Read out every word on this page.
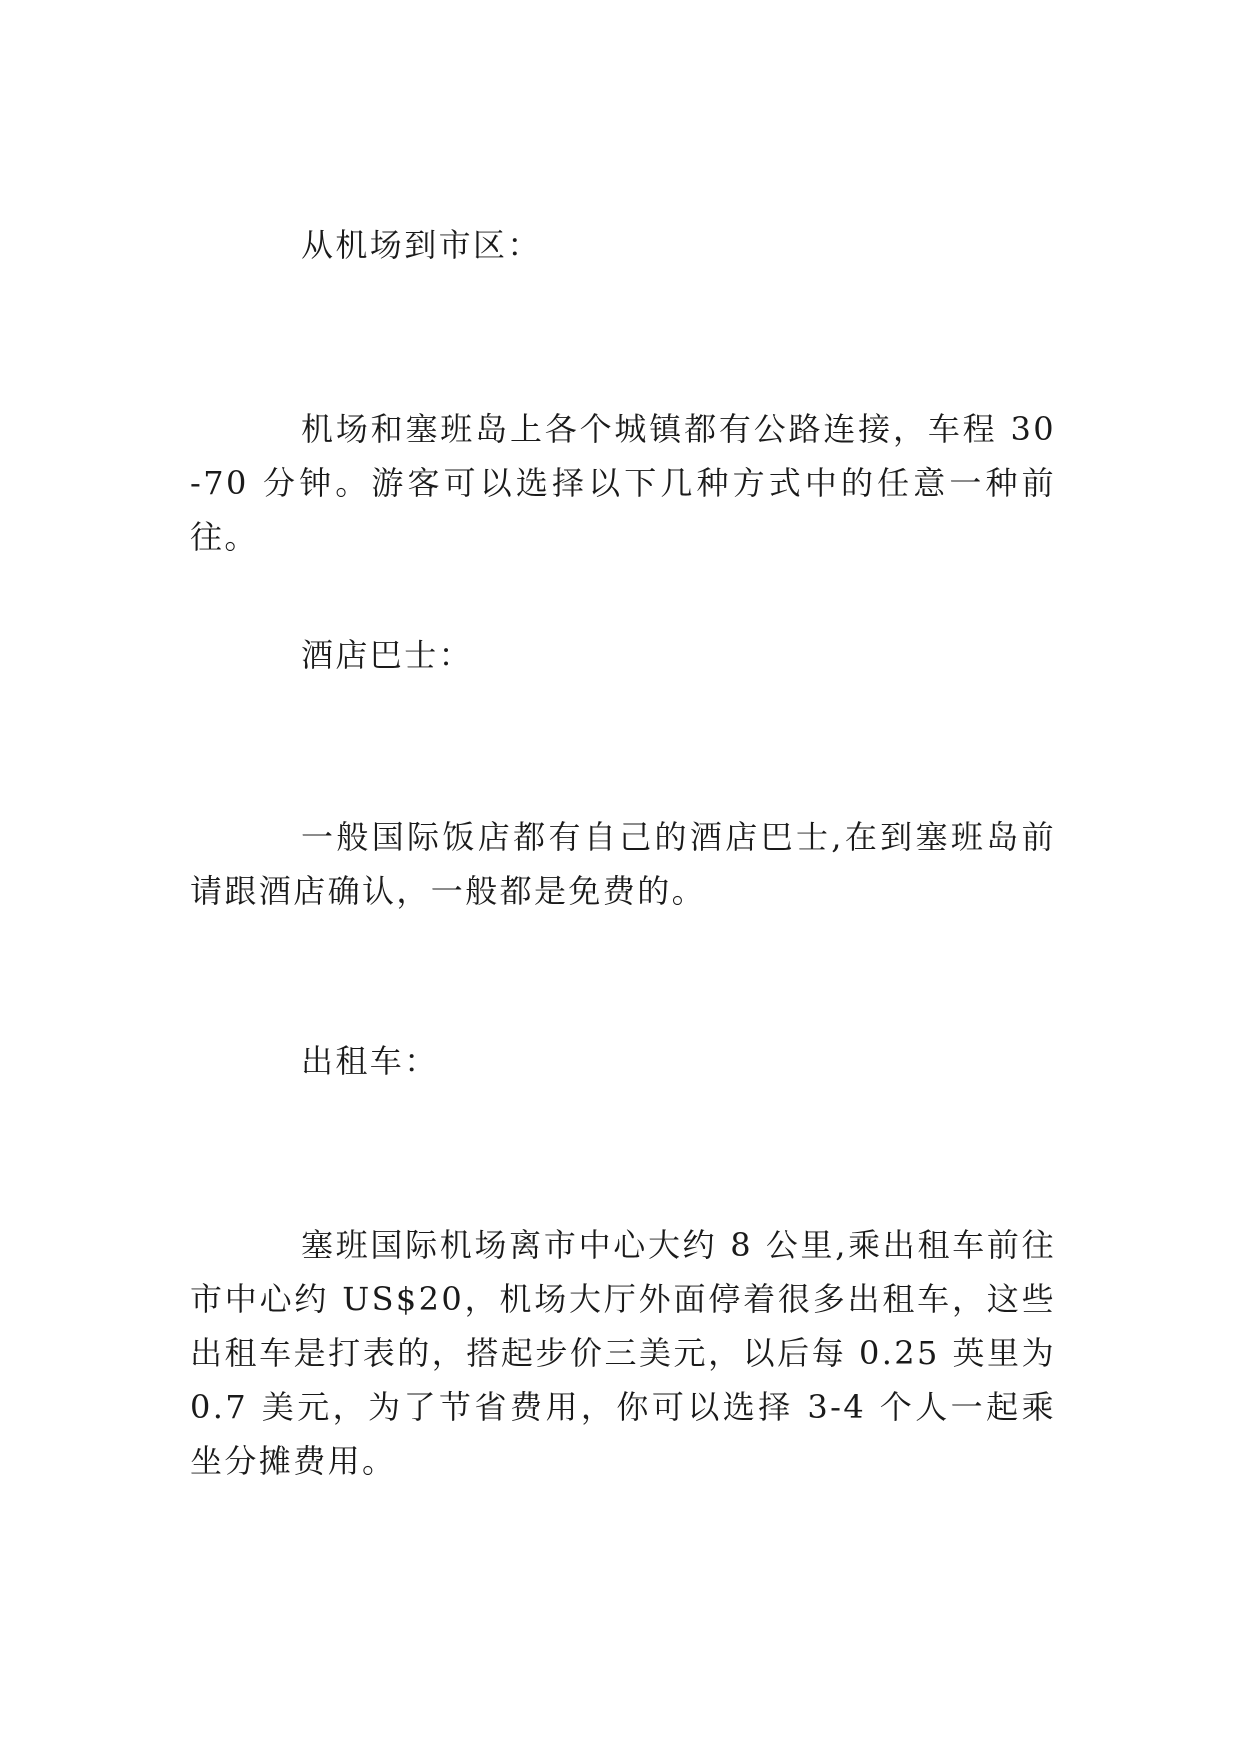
从机场到市区：

机场和塞班岛上各个城镇都有公路连接，车程 30-70 分钟。游客可以选择以下几种方式中的任意一种前往。

酒店巴士：

一般国际饭店都有自己的酒店巴士,在到塞班岛前请跟酒店确认，一般都是免费的。

出租车：

塞班国际机场离市中心大约 8 公里,乘出租车前往市中心约 US$20，机场大厅外面停着很多出租车，这些出租车是打表的，搭起步价三美元，以后每 0.25 英里为 0.7 美元，为了节省费用，你可以选择 3-4 个人一起乘坐分摊费用。
